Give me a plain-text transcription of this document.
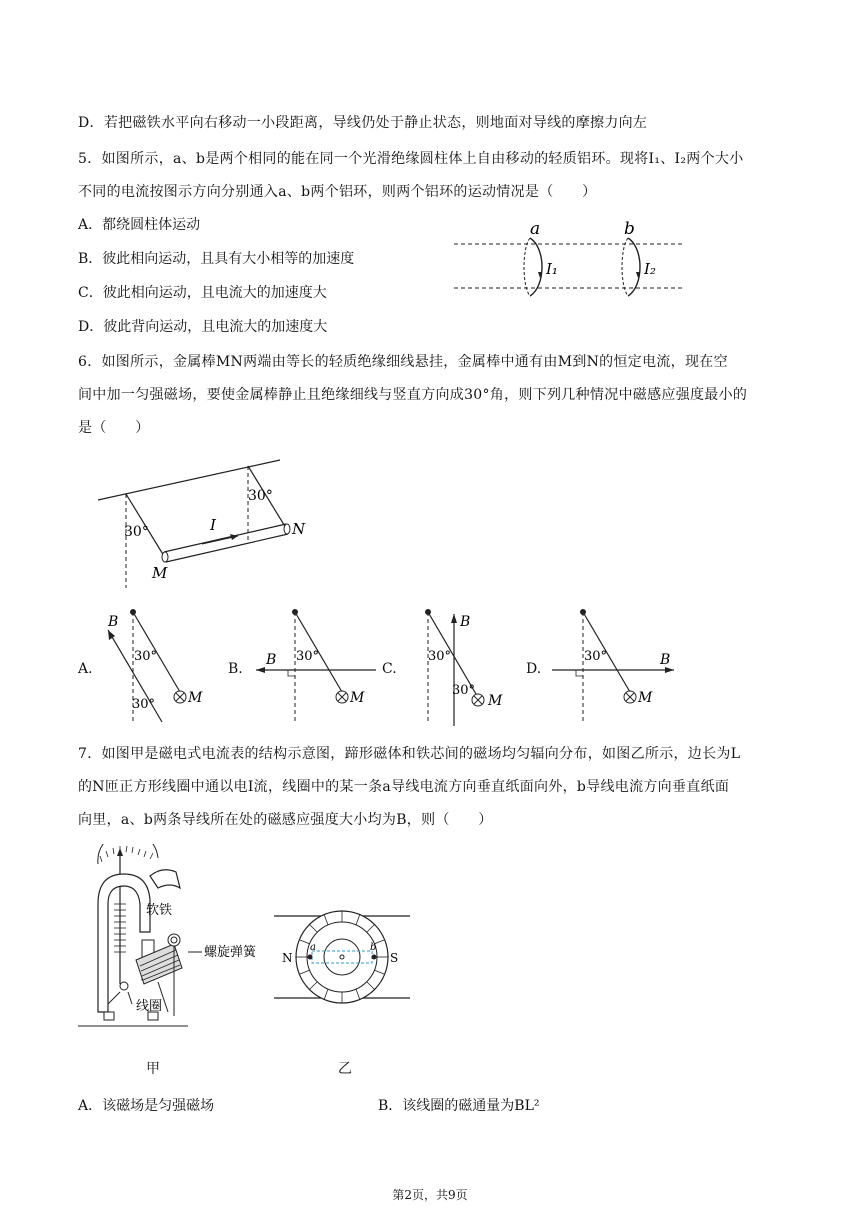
D．若把磁铁水平向右移动一小段距离，导线仍处于静止状态，则地面对导线的摩擦力向左
5．如图所示，a、b是两个相同的能在同一个光滑绝缘圆柱体上自由移动的轻质铝环。现将I₁、I₂两个大小
不同的电流按图示方向分别通入a、b两个铝环，则两个铝环的运动情况是（　　）
A．都绕圆柱体运动
B．彼此相向运动，且具有大小相等的加速度
C．彼此相向运动，且电流大的加速度大
D．彼此背向运动，且电流大的加速度大
a
I₁
b
I₂
6．如图所示，金属棒MN两端由等长的轻质绝缘细线悬挂，金属棒中通有由M到N的恒定电流，现在空
间中加一匀强磁场，要使金属棒静止且绝缘细线与竖直方向成30°角，则下列几种情况中磁感应强度最小的
是（　　）
30°
30°
I
M
N
A.
B
30°
30° M
B.
B 30°
M
C.
B
30°
30°
M
D.
B
30°
M
7．如图甲是磁电式电流表的结构示意图，蹄形磁体和铁芯间的磁场均匀辐向分布，如图乙所示，边长为L
的N匝正方形线圈中通以电I流，线圈中的某一条a导线电流方向垂直纸面向外，b导线电流方向垂直纸面
向里，a、b两条导线所在处的磁感应强度大小均为B，则（　　）
软铁
螺旋弹簧
线圈
甲
N	S
a	b
乙
A．该磁场是匀强磁场	B．该线圈的磁通量为BL²
第2页，共9页
